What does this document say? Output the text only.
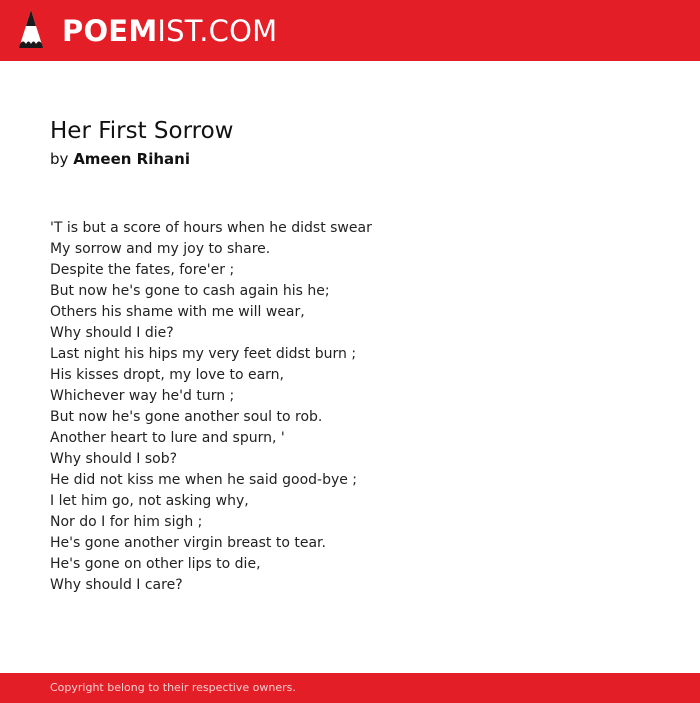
POEMIST.COM
Her First Sorrow
by Ameen Rihani
'T is but a score of hours when he didst swear
My sorrow and my joy to share.
Despite the fates, fore'er ;
But now he's gone to cash again his he;
Others his shame with me will wear,
Why should I die?
Last night his hips my very feet didst burn ;
His kisses dropt, my love to earn,
Whichever way he'd turn ;
But now he's gone another soul to rob.
Another heart to lure and spurn, '
Why should I sob?
He did not kiss me when he said good-bye ;
I let him go, not asking why,
Nor do I for him sigh ;
He's gone another virgin breast to tear.
He's gone on other lips to die,
Why should I care?
Copyright belong to their respective owners.
